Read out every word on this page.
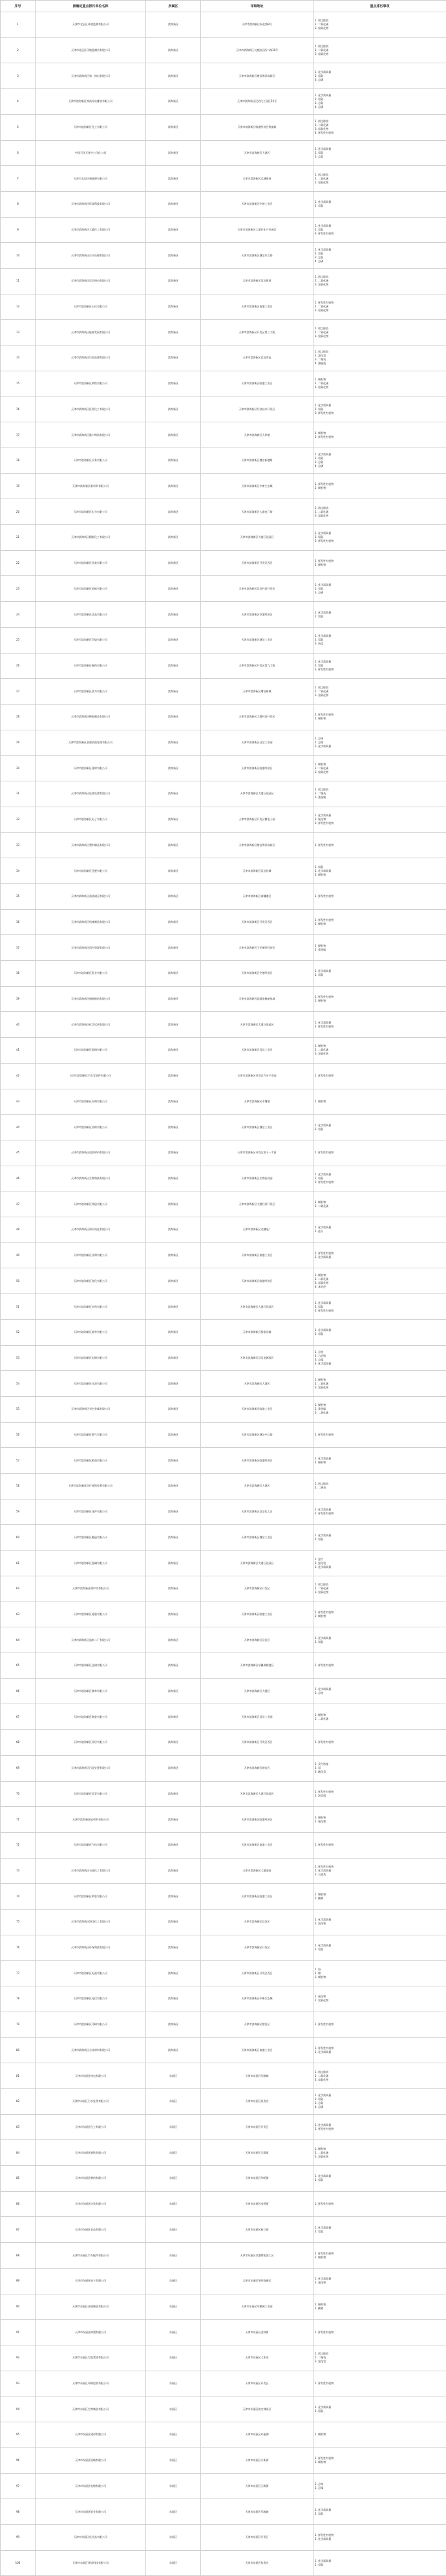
序号	被确定重点排污单位名称	所属区	详细地址	重点排污事项
1	天津市北辰区环境监测有限公司	滨海新区	天津市滨海新区杨北路9号	1. 烟尘排放
2. 二氧化硫
3. 氮氧化物
2	天津市北辰区环境监测站有限公司	滨海新区	天津市滨海新区大港油田西二路10号	1. 烟尘排放
2. 二氧化硫
3. 氮氧化物
3	天津市滨海新区第一热电有限公司	滨海新区	天津市滨海新区塘沽海洋高新区	1. 化学需氧量
2. 氨氮
3. 总磷
4	天津市滨海新区物流场站排放有限公司	滨海新区	天津市滨海新区汉沽化工园区52号	1. 化学需氧量
2. 氨氮
3. 总氮
4. 总磷
5	天津市滨海新区化工有限公司	滨海新区	天津市滨海新区临港经济区物流路	1. 烟尘排放
2. 二氧化硫
3. 氮氧化物
4. 挥发性有机物
6	中国石化天津分公司化工部	滨海新区	天津市滨海新区大港区	1. 化学需氧量
2. 氨氮
3. 总氮
7	天津市北辰区新能源有限公司	滨海新区	天津市滨海新区北塘街道	1. 烟尘排放
2. 二氧化硫
3. 氮氧化物
8	天津市滨海新区环境科技有限公司	滨海新区	天津市滨海新区中塘工业区	1. 化学需氧量
2. 氨氮
9	天津市滨海新区大港化工有限公司	滨海新区	天津市滨海新区大港石化产业园区	1. 化学需氧量
2. 氨氮
3. 挥发性有机物
10	天津市滨海新区污水处理有限公司	滨海新区	天津市滨海新区塘沽东江路	1. 化学需氧量
2. 氨氮
3. 总氮
4. 总磷
11	天津市滨海新区汉沽热电有限公司	滨海新区	天津市滨海新区汉沽街道	1. 烟尘排放
2. 二氧化硫
3. 氮氧化物
12	天津市滨海新区石化有限公司	滨海新区	天津市滨海新区南港工业区	1. 挥发性有机物
2. 二氧化硫
3. 氮氧化物
13	天津市滨海新区能源发展有限公司	滨海新区	天津市滨海新区开发区第三大街	1. 烟尘排放
2. 二氧化硫
3. 氮氧化物
14	天津市滨海新区垃圾处理有限公司	滨海新区	天津市滨海新区汉沽茶淀	1. 烟尘排放
2. 氯化氢
3. 二噁英
4. 渗滤液
15	天津市滨海新区钢铁有限公司	滨海新区	天津市滨海新区临港工业区	1. 颗粒物
2. 二氧化硫
3. 氮氧化物
16	天津市滨海新区医药化工有限公司	滨海新区	天津市滨海新区经济技术开发区	1. 化学需氧量
2. 氨氮
3. 挥发性有机物
17	天津市滨海新区港口物流有限公司	滨海新区	天津市滨海新区天津港	1. 颗粒物
2. 挥发性有机物
18	天津市滨海新区水务有限公司	滨海新区	天津市滨海新区塘沽新港路	1. 化学需氧量
2. 氨氮
3. 总氮
4. 总磷
19	天津市滨海新区新材料有限公司	滨海新区	天津市滨海新区中新生态城	1. 挥发性有机物
2. 颗粒物
20	天津市滨海新区电力有限公司	滨海新区	天津市滨海新区大港电厂路	1. 烟尘排放
2. 二氧化硫
3. 氮氧化物
21	天津市滨海新区精细化工有限公司	滨海新区	天津市滨海新区大港石化园区	1. 化学需氧量
2. 氨氮
3. 挥发性有机物
22	天津市滨海新区涂装有限公司	滨海新区	天津市滨海新区开发区西区	1. 挥发性有机物
2. 颗粒物
23	天津市滨海新区造纸有限公司	滨海新区	天津市滨海新区汉沽经济开发区	1. 化学需氧量
2. 氨氮
3. 总磷
24	天津市滨海新区食品有限公司	滨海新区	天津市滨海新区空港经济区	1. 化学需氧量
2. 氨氮
25	天津市滨海新区印染有限公司	滨海新区	天津市滨海新区塘沽工业区	1. 化学需氧量
2. 氨氮
3. 色度
26	天津市滨海新区制药有限公司	滨海新区	天津市滨海新区开发区第九大街	1. 化学需氧量
2. 氨氮
3. 挥发性有机物
27	天津市滨海新区热力有限公司	滨海新区	天津市滨海新区塘沽新城	1. 烟尘排放
2. 二氧化硫
3. 氮氧化物
28	天津市滨海新区橡胶制品有限公司	滨海新区	天津市滨海新区大港经济开发区	1. 挥发性有机物
2. 颗粒物
29	天津市滨海新区金属表面处理有限公司	滨海新区	天津市滨海新区汉沽工业园	1. 总铬
2. 总镍
3. 化学需氧量
30	天津市滨海新区建材有限公司	滨海新区	天津市滨海新区临港经济区	1. 颗粒物
2. 二氧化硫
3. 氮氧化物
31	天津市滨海新区危废处置有限公司	滨海新区	天津市滨海新区大港石化园区	1. 烟尘排放
2. 二噁英
3. 重金属
32	天津市滨海新区电子有限公司	滨海新区	天津市滨海新区开发区微电子园	1. 化学需氧量
2. 氟化物
3. 挥发性有机物
33	天津市滨海新区塑料制品有限公司	滨海新区	天津市滨海新区塘沽海洋高新区	1. 挥发性有机物
34	天津市滨海新区化肥有限公司	滨海新区	天津市滨海新区汉沽营城	1. 氨氮
2. 化学需氧量
3. 颗粒物
35	天津市滨海新区油品储运有限公司	滨海新区	天津市滨海新区南疆港区	1. 挥发性有机物
36	天津市滨海新区机械制造有限公司	滨海新区	天津市滨海新区开发区西区	1. 挥发性有机物
2. 颗粒物
37	天津市滨海新区再生资源有限公司	滨海新区	天津市滨海新区子牙循环经济区	1. 颗粒物
2. 重金属
38	天津市滨海新区乳业有限公司	滨海新区	天津市滨海新区空港经济区	1. 化学需氧量
2. 氨氮
39	天津市滨海新区船舶修造有限公司	滨海新区	天津市滨海新区临港造修船基地	1. 挥发性有机物
2. 颗粒物
40	天津市滨海新区化学试剂有限公司	滨海新区	天津市滨海新区大港石化园区	1. 化学需氧量
2. 挥发性有机物
41	天津市滨海新区玻璃有限公司	滨海新区	天津市滨海新区汉沽工业区	1. 颗粒物
2. 二氧化硫
3. 氮氧化物
42	天津市滨海新区汽车零部件有限公司	滨海新区	天津市滨海新区开发区汽车产业园	1. 挥发性有机物
43	天津市滨海新区饲料有限公司	滨海新区	天津市滨海新区中塘镇	1. 颗粒物
44	天津市滨海新区纺织有限公司	滨海新区	天津市滨海新区塘沽工业区	1. 化学需氧量
2. 氨氮
45	天津市滨海新区包装材料有限公司	滨海新区	天津市滨海新区开发区第十一大街	1. 挥发性有机物
46	天津市滨海新区生物科技有限公司	滨海新区	天津市滨海新区生物医药园	1. 化学需氧量
2. 氨氮
3. 挥发性有机物
47	天津市滨海新区铸造有限公司	滨海新区	天津市滨海新区大港经济开发区	1. 颗粒物
2. 二氧化硫
48	天津市滨海新区海水淡化有限公司	滨海新区	天津市滨海新区北疆电厂	1. 化学需氧量
2. 盐分
49	天津市滨海新区涂料有限公司	滨海新区	天津市滨海新区南港工业区	1. 挥发性有机物
2. 化学需氧量
50	天津市滨海新区焦化有限公司	滨海新区	天津市滨海新区临港经济区	1. 颗粒物
2. 二氧化硫
3. 氮氧化物
4. 苯并芘
51	天津市滨海新区农药有限公司	滨海新区	天津市滨海新区大港石化园区	1. 化学需氧量
2. 氨氮
3. 挥发性有机物
52	天津市滨海新区屠宰有限公司	滨海新区	天津市滨海新区杨家泊镇	1. 化学需氧量
2. 氨氮
53	天津市滨海新区电镀有限公司	滨海新区	天津市滨海新区汉沽电镀园区	1. 总铬
2. 六价铬
3. 总镍
4. 化学需氧量
54	天津市滨海新区水泥有限公司	滨海新区	天津市滨海新区大港区	1. 颗粒物
2. 二氧化硫
3. 氮氧化物
55	天津市滨海新区有色金属有限公司	滨海新区	天津市滨海新区临港工业区	1. 颗粒物
2. 重金属
3. 二氧化硫
56	天津市滨海新区燃气有限公司	滨海新区	天津市滨海新区塘沽中心路	1. 挥发性有机物
57	天津市滨海新区粮油有限公司	滨海新区	天津市滨海新区临港经济区	1. 化学需氧量
2. 颗粒物
58	天津市滨海新区医疗废物处置有限公司	滨海新区	天津市滨海新区大港区	1. 烟尘排放
2. 二噁英
59	天津市滨海新区化纤有限公司	滨海新区	天津市滨海新区汉沽化工区	1. 化学需氧量
2. 挥发性有机物
60	天津市滨海新区酿造有限公司	滨海新区	天津市滨海新区塘沽工业区	1. 化学需氧量
2. 氨氮
61	天津市滨海新区氯碱有限公司	滨海新区	天津市滨海新区大港石化园区	1. 氯气
2. 氯化氢
3. 化学需氧量
62	天津市滨海新区锅炉房有限公司	滨海新区	天津市滨海新区开发区	1. 烟尘排放
2. 二氧化硫
3. 氮氧化物
63	天津市滨海新区轮胎有限公司	滨海新区	天津市滨海新区临港工业区	1. 挥发性有机物
2. 颗粒物
64	天津市滨海新区造纸二厂有限公司	滨海新区	天津市滨海新区汉沽区	1. 化学需氧量
2. 氨氮
65	天津市滨海新区仓储有限公司	滨海新区	天津市滨海新区东疆保税港区	1. 挥发性有机物
66	天津市滨海新区制革有限公司	滨海新区	天津市滨海新区大港区	1. 化学需氧量
2. 总铬
67	天津市滨海新区陶瓷有限公司	滨海新区	天津市滨海新区汉沽工业园	1. 颗粒物
2. 二氧化硫
68	天津市滨海新区涂层有限公司	滨海新区	天津市滨海新区开发区西区	1. 挥发性有机物
69	天津市滨海新区污泥处置有限公司	滨海新区	天津市滨海新区塘沽区	1. 臭气浓度
2. 氨
3. 硫化氢
70	天津市滨海新区沥青有限公司	滨海新区	天津市滨海新区大港石化园区	1. 挥发性有机物
2. 沥青烟
71	天津市滨海新区硅材料有限公司	滨海新区	天津市滨海新区临港经济区	1. 颗粒物
2. 氟化物
72	天津市滨海新区气体有限公司	滨海新区	天津市滨海新区南港工业区	1. 挥发性有机物
73	天津市滨海新区石油化工有限公司	滨海新区	天津市滨海新区大港油田	1. 挥发性有机物
2. 化学需氧量
3. 石油类
74	天津市滨海新区钢管有限公司	滨海新区	天津市滨海新区临港工业区	1. 颗粒物
2. 酸雾
75	天津市滨海新区海洋化工有限公司	滨海新区	天津市滨海新区汉沽区	1. 化学需氧量
2. 溴化物
76	天津市滨海新区环保科技有限公司	滨海新区	天津市滨海新区开发区	1. 化学需氧量
2. 氨氮
77	天津市滨海新区电池有限公司	滨海新区	天津市滨海新区开发区西区	1. 铅
2. 镍
3. 颗粒物
78	天津市滨海新区光伏有限公司	滨海新区	天津市滨海新区中新生态城	1. 氟化物
2. 氮氧化物
79	天津市滨海新区印刷有限公司	滨海新区	天津市滨海新区塘沽区	1. 挥发性有机物
80	天津市滨海新区合成材料有限公司	滨海新区	天津市滨海新区南港工业区	1. 挥发性有机物
2. 化学需氧量
81	天津市东丽区热电有限公司	东丽区	天津市东丽区军粮城	1. 烟尘排放
2. 二氧化硫
3. 氮氧化物
82	天津市东丽区污水处理有限公司	东丽区	天津市东丽区张贵庄	1. 化学需氧量
2. 氨氮
3. 总氮
4. 总磷
83	天津市东丽区化工有限公司	东丽区	天津市东丽区开发区	1. 化学需氧量
2. 挥发性有机物
84	天津市东丽区钢铁有限公司	东丽区	天津市东丽区无瑕街	1. 颗粒物
2. 二氧化硫
3. 氮氧化物
85	天津市东丽区制药有限公司	东丽区	天津市东丽区华明街	1. 化学需氧量
2. 氨氮
86	天津市东丽区涂装有限公司	东丽区	天津市东丽区金桥街	1. 挥发性有机物
87	天津市东丽区食品有限公司	东丽区	天津市东丽区新立街	1. 化学需氧量
2. 氨氮
88	天津市东丽区汽车配件有限公司	东丽区	天津市东丽区空港物流加工区	1. 挥发性有机物
2. 颗粒物
89	天津市东丽区电子有限公司	东丽区	天津市东丽区华明高新区	1. 化学需氧量
2. 氟化物
90	天津市东丽区金属制品有限公司	东丽区	天津市东丽区军粮城工业园	1. 颗粒物
2. 酸雾
91	天津市东丽区橡塑有限公司	东丽区	天津市东丽区金钟街	1. 挥发性有机物
92	天津市东丽区垃圾焚烧有限公司	东丽区	天津市东丽区大毕庄	1. 烟尘排放
2. 二噁英
3. 氯化氢
93	天津市东丽区印刷包装有限公司	东丽区	天津市东丽区开发区	1. 挥发性有机物
94	天津市东丽区生物制品有限公司	东丽区	天津市东丽区航空商务区	1. 化学需氧量
2. 氨氮
95	天津市东丽区建材有限公司	东丽区	天津市东丽区东丽湖	1. 颗粒物
96	天津市东丽区机械有限公司	东丽区	天津市东丽区万新街	1. 挥发性有机物
2. 颗粒物
97	天津市东丽区电镀有限公司	东丽区	天津市东丽区无瑕街	1. 总铬
2. 总镍
98	天津市东丽区纸业有限公司	东丽区	天津市东丽区军粮城	1. 化学需氧量
2. 氨氮
99	天津市东丽区化学品有限公司	东丽区	天津市东丽区开发区	1. 挥发性有机物
2. 化学需氧量
100	天津市东丽区环境科技有限公司	东丽区	天津市东丽区张贵庄	1. 化学需氧量
2. 氨氮
